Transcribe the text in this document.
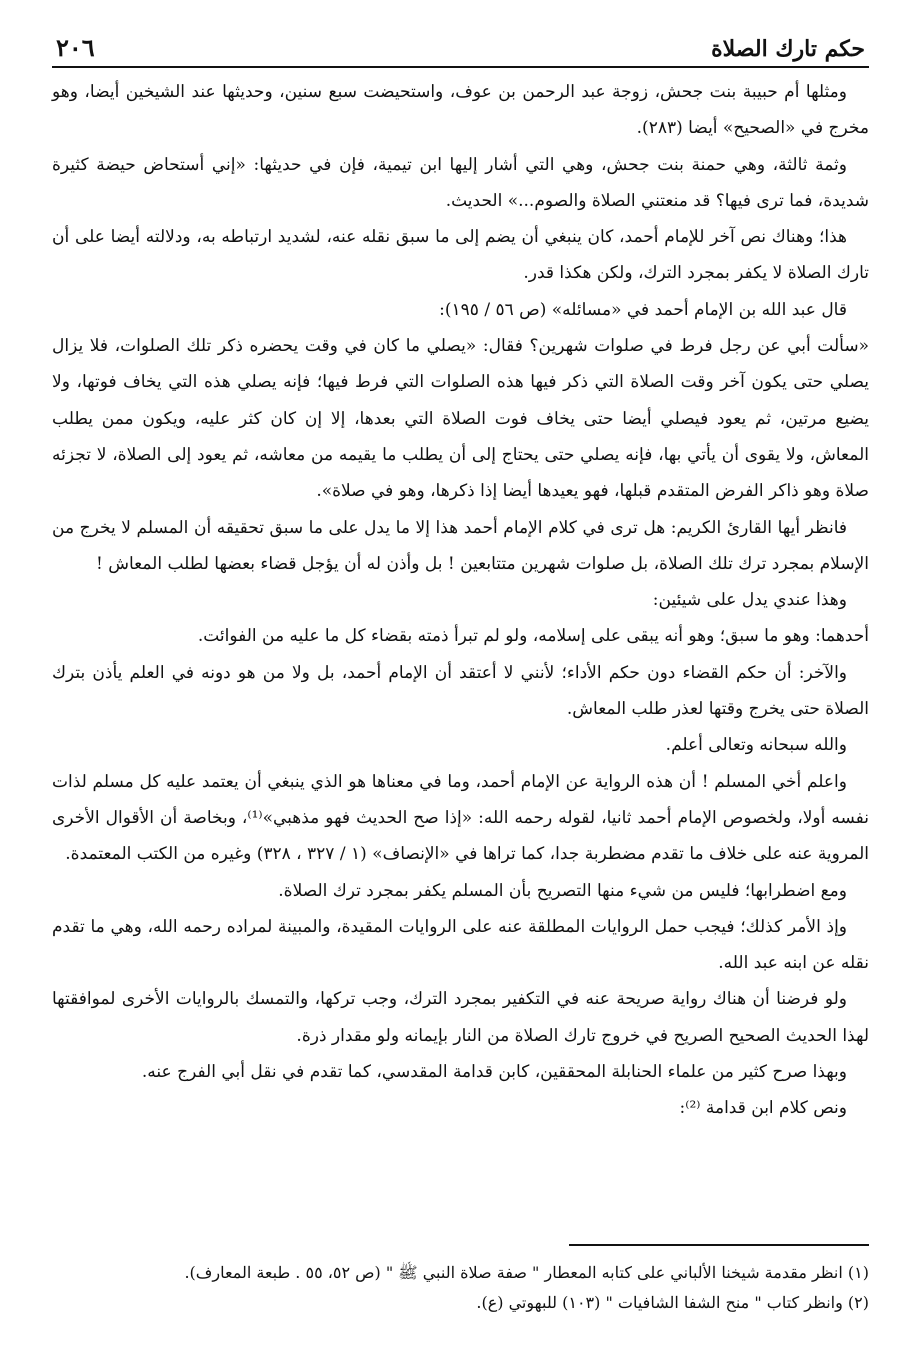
حكم تارك الصلاة
٢٠٦

ومثلها أم حبيبة بنت جحش، زوجة عبد الرحمن بن عوف، واستحيضت سبع سنين، وحديثها عند الشيخين أيضا، وهو مخرج في «الصحيح» أيضا (٢٨٣).

وثمة ثالثة، وهي حمنة بنت جحش، وهي التي أشار إليها ابن تيمية، فإن في حديثها: «إني أستحاض حيضة كثيرة شديدة، فما ترى فيها؟ قد منعتني الصلاة والصوم...» الحديث.

هذا؛ وهناك نص آخر للإمام أحمد، كان ينبغي أن يضم إلى ما سبق نقله عنه، لشديد ارتباطه به، ودلالته أيضا على أن تارك الصلاة لا يكفر بمجرد الترك، ولكن هكذا قدر.

قال عبد الله بن الإمام أحمد في «مسائله» (ص ٥٦ / ١٩٥):

«سألت أبي عن رجل فرط في صلوات شهرين؟ فقال: «يصلي ما كان في وقت يحضره ذكر تلك الصلوات، فلا يزال يصلي حتى يكون آخر وقت الصلاة التي ذكر فيها هذه الصلوات التي فرط فيها؛ فإنه يصلي هذه التي يخاف فوتها، ولا يضيع مرتين، ثم يعود فيصلي أيضا حتى يخاف فوت الصلاة التي بعدها، إلا إن كان كثر عليه، ويكون ممن يطلب المعاش، ولا يقوى أن يأتي بها، فإنه يصلي حتى يحتاج إلى أن يطلب ما يقيمه من معاشه، ثم يعود إلى الصلاة، لا تجزئه صلاة وهو ذاكر الفرض المتقدم قبلها، فهو يعيدها أيضا إذا ذكرها، وهو في صلاة».

فانظر أيها القارئ الكريم: هل ترى في كلام الإمام أحمد هذا إلا ما يدل على ما سبق تحقيقه أن المسلم لا يخرج من الإسلام بمجرد ترك تلك الصلاة، بل صلوات شهرين متتابعين ! بل وأذن له أن يؤجل قضاء بعضها لطلب المعاش !

وهذا عندي يدل على شيئين:

أحدهما: وهو ما سبق؛ وهو أنه يبقى على إسلامه، ولو لم تبرأ ذمته بقضاء كل ما عليه من الفوائت.

والآخر: أن حكم القضاء دون حكم الأداء؛ لأنني لا أعتقد أن الإمام أحمد، بل ولا من هو دونه في العلم يأذن بترك الصلاة حتى يخرج وقتها لعذر طلب المعاش.

والله سبحانه وتعالى أعلم.

واعلم أخي المسلم ! أن هذه الرواية عن الإمام أحمد، وما في معناها هو الذي ينبغي أن يعتمد عليه كل مسلم لذات نفسه أولا، ولخصوص الإمام أحمد ثانيا، لقوله رحمه الله: «إذا صح الحديث فهو مذهبي»⁽¹⁾، وبخاصة أن الأقوال الأخرى المروية عنه على خلاف ما تقدم مضطربة جدا، كما تراها في «الإنصاف» (١ / ٣٢٧ ، ٣٢٨) وغيره من الكتب المعتمدة.

ومع اضطرابها؛ فليس من شيء منها التصريح بأن المسلم يكفر بمجرد ترك الصلاة.

وإذ الأمر كذلك؛ فيجب حمل الروايات المطلقة عنه على الروايات المقيدة، والمبينة لمراده رحمه الله، وهي ما تقدم نقله عن ابنه عبد الله.

ولو فرضنا أن هناك رواية صريحة عنه في التكفير بمجرد الترك، وجب تركها، والتمسك بالروايات الأخرى لموافقتها لهذا الحديث الصحيح الصريح في خروج تارك الصلاة من النار بإيمانه ولو مقدار ذرة.

وبهذا صرح كثير من علماء الحنابلة المحققين، كابن قدامة المقدسي، كما تقدم في نقل أبي الفرج عنه.

ونص كلام ابن قدامة ⁽²⁾:

(١) انظر مقدمة شيخنا الألباني على كتابه المعطار " صفة صلاة النبي ﷺ " (ص ٥٢، ٥٥ . طبعة المعارف).

(٢) وانظر كتاب " منح الشفا الشافيات " (١٠٣) للبهوتي (ع).
